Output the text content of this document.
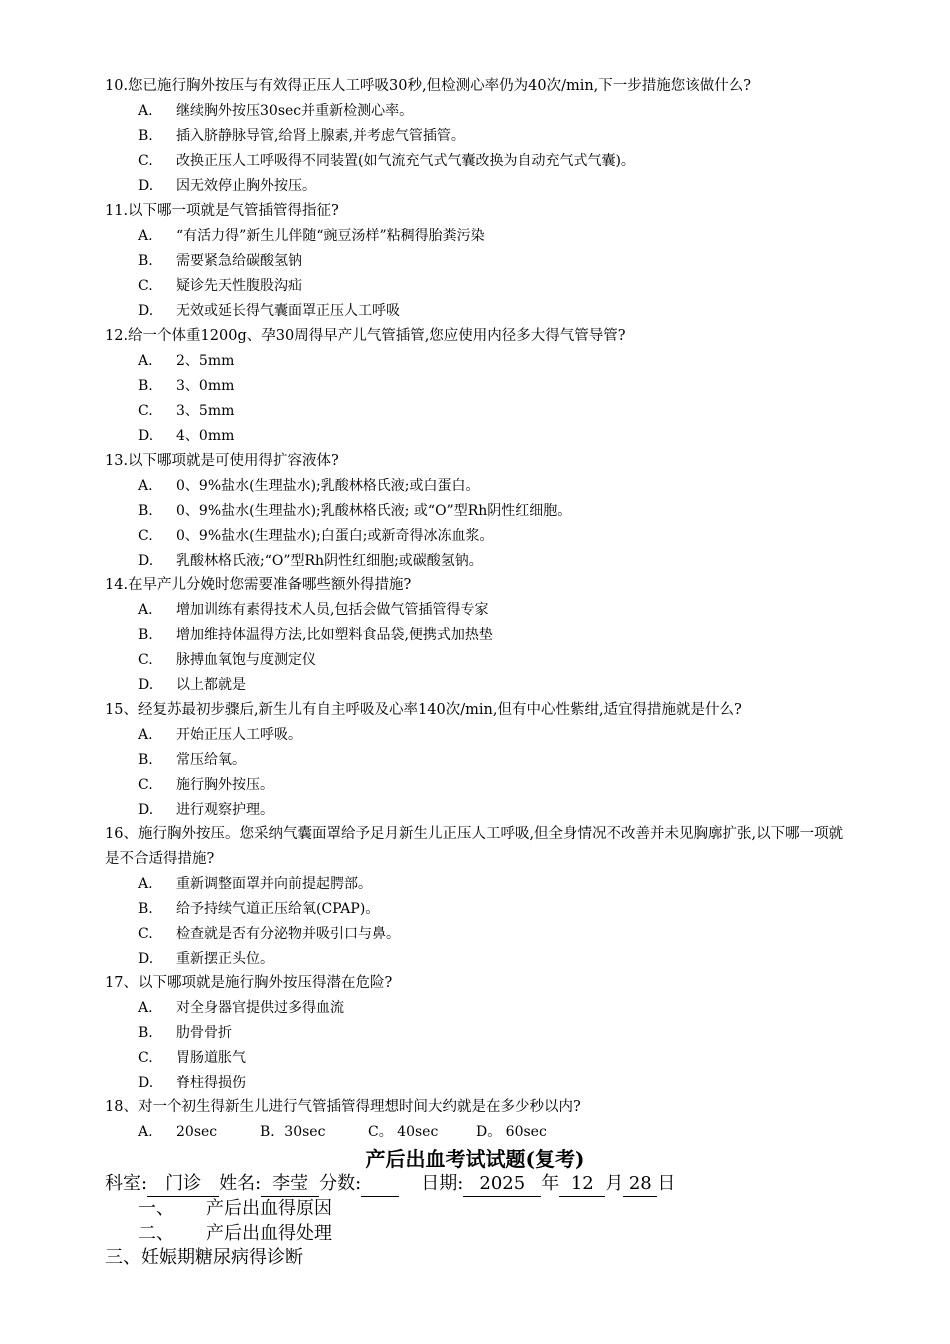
10.您已施行胸外按压与有效得正压人工呼吸30秒,但检测心率仍为40次/min,下一步措施您该做什么?
A. 继续胸外按压30sec并重新检测心率。
B. 插入脐静脉导管,给肾上腺素,并考虑气管插管。
C. 改换正压人工呼吸得不同装置(如气流充气式气囊改换为自动充气式气囊)。
D. 因无效停止胸外按压。
11.以下哪一项就是气管插管得指征?
A. “有活力得”新生儿伴随“豌豆汤样”粘稠得胎粪污染
B. 需要紧急给碳酸氢钠
C. 疑诊先天性腹股沟疝
D. 无效或延长得气囊面罩正压人工呼吸
12.给一个体重1200g、孕30周得早产儿气管插管,您应使用内径多大得气管导管?
A. 2、5mm
B. 3、0mm
C. 3、5mm
D. 4、0mm
13.以下哪项就是可使用得扩容液体?
A. 0、9%盐水(生理盐水);乳酸林格氏液;或白蛋白。
B. 0、9%盐水(生理盐水);乳酸林格氏液; 或“O”型Rh阴性红细胞。
C. 0、9%盐水(生理盐水);白蛋白;或新奇得冰冻血浆。
D. 乳酸林格氏液;“O”型Rh阴性红细胞;或碳酸氢钠。
14.在早产儿分娩时您需要准备哪些额外得措施?
A. 增加训练有素得技术人员,包括会做气管插管得专家
B. 增加维持体温得方法,比如塑料食品袋,便携式加热垫
C. 脉搏血氧饱与度测定仪
D. 以上都就是
15、经复苏最初步骤后,新生儿有自主呼吸及心率140次/min,但有中心性紫绀,适宜得措施就是什么?
A. 开始正压人工呼吸。
B. 常压给氧。
C. 施行胸外按压。
D. 进行观察护理。
16、施行胸外按压。您采纳气囊面罩给予足月新生儿正压人工呼吸,但全身情况不改善并未见胸廓扩张,以下哪一项就是不合适得措施?
A. 重新调整面罩并向前提起腭部。
B. 给予持续气道正压给氧(CPAP)。
C. 检查就是否有分泌物并吸引口与鼻。
D. 重新摆正头位。
17、以下哪项就是施行胸外按压得潜在危险?
A. 对全身器官提供过多得血流
B. 肋骨骨折
C. 胃肠道胀气
D. 脊柱得损伤
18、对一个初生得新生儿进行气管插管得理想时间大约就是在多少秒以内?
A. 20sec	B．30sec	C。 40sec	D。 60sec
产后出血考试试题(复考)
科室: 门诊 姓名: 李莹 分数:	日期: 2025 年 12 月 28 日
一、 产后出血得原因
二、 产后出血得处理
三、妊娠期糖尿病得诊断
